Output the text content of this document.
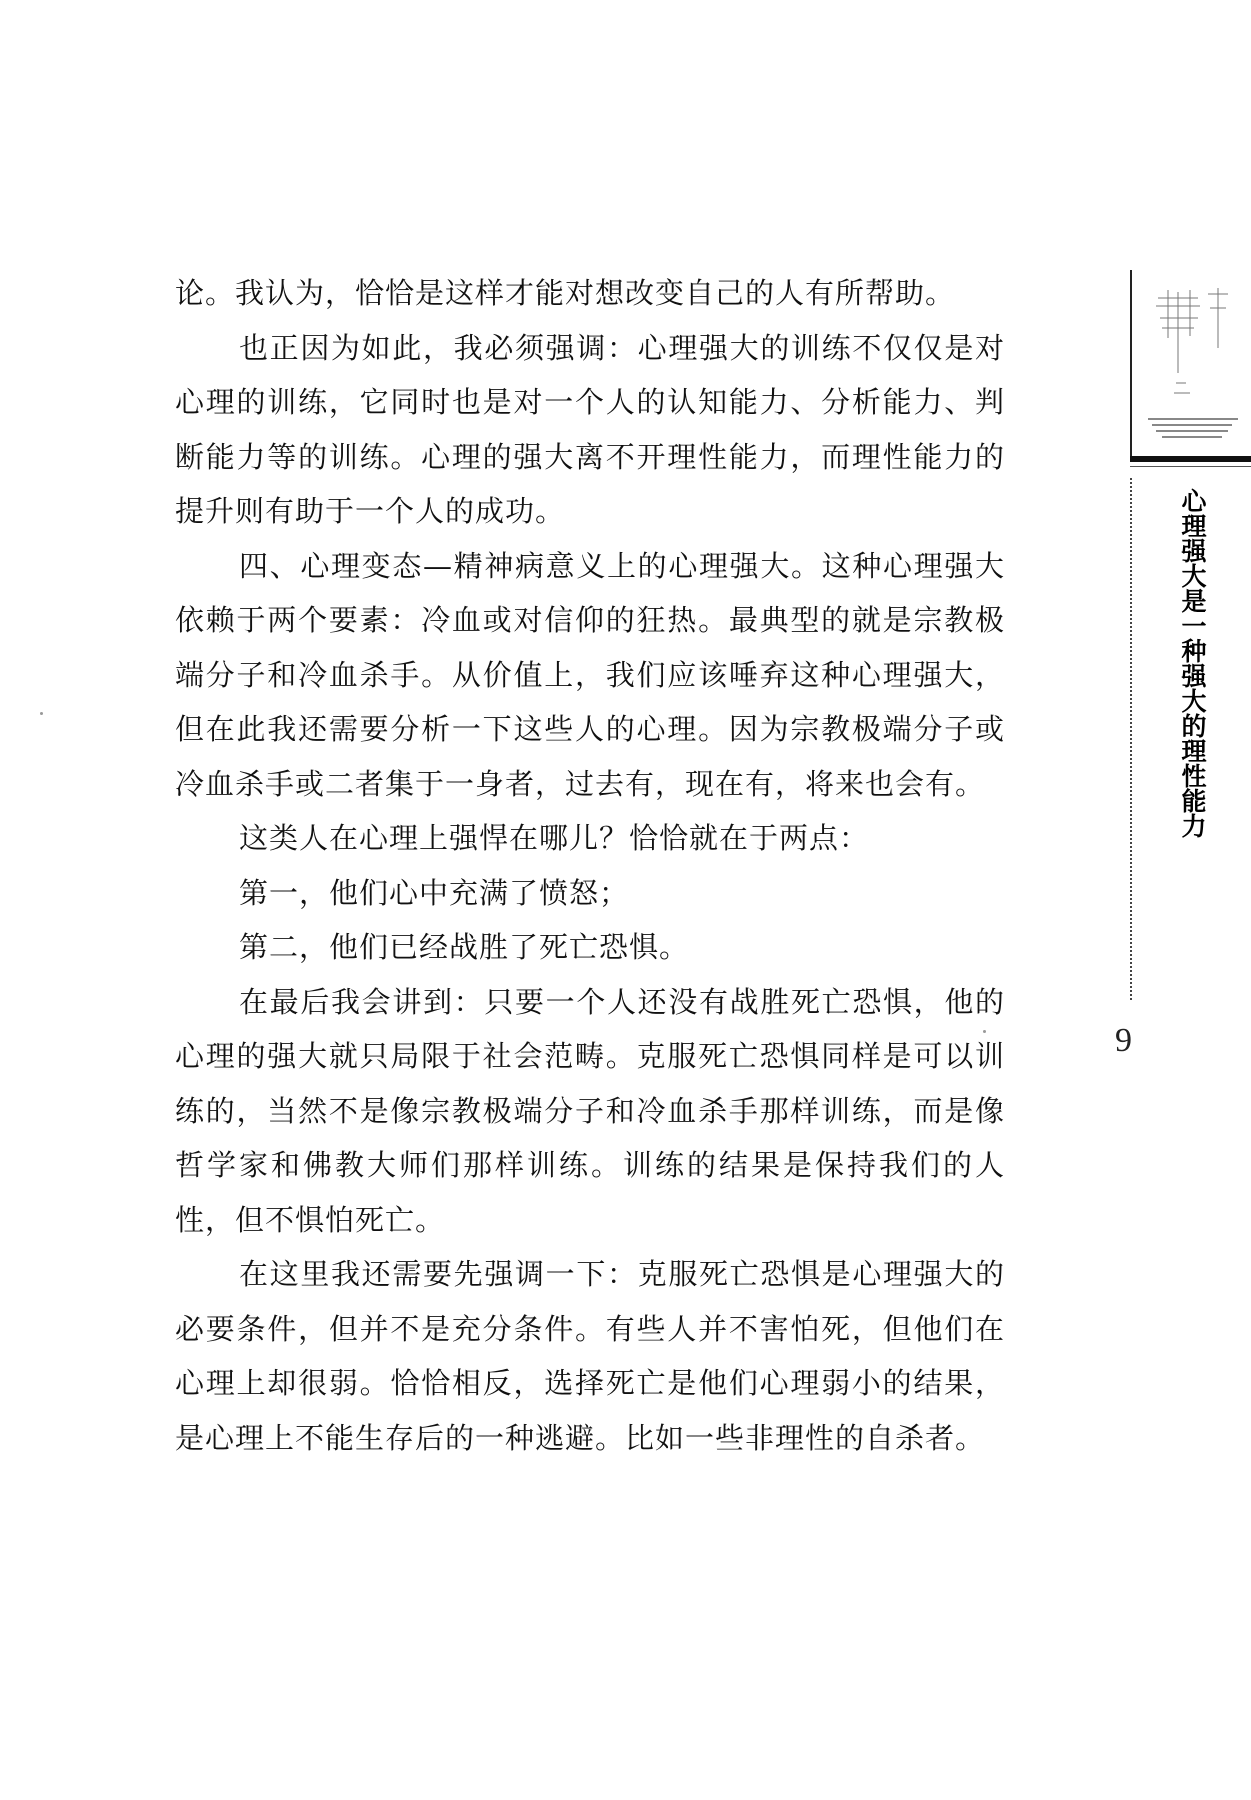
论。我认为，恰恰是这样才能对想改变自己的人有所帮助。

也正因为如此，我必须强调：心理强大的训练不仅仅是对心理的训练，它同时也是对一个人的认知能力、分析能力、判断能力等的训练。心理的强大离不开理性能力，而理性能力的提升则有助于一个人的成功。

四、心理变态—精神病意义上的心理强大。这种心理强大依赖于两个要素：冷血或对信仰的狂热。最典型的就是宗教极端分子和冷血杀手。从价值上，我们应该唾弃这种心理强大，但在此我还需要分析一下这些人的心理。因为宗教极端分子或冷血杀手或二者集于一身者，过去有，现在有，将来也会有。

这类人在心理上强悍在哪儿？恰恰就在于两点：

第一，他们心中充满了愤怒；

第二，他们已经战胜了死亡恐惧。

在最后我会讲到：只要一个人还没有战胜死亡恐惧，他的心理的强大就只局限于社会范畴。克服死亡恐惧同样是可以训练的，当然不是像宗教极端分子和冷血杀手那样训练，而是像哲学家和佛教大师们那样训练。训练的结果是保持我们的人性，但不惧怕死亡。

在这里我还需要先强调一下：克服死亡恐惧是心理强大的必要条件，但并不是充分条件。有些人并不害怕死，但他们在心理上却很弱。恰恰相反，选择死亡是他们心理弱小的结果，是心理上不能生存后的一种逃避。比如一些非理性的自杀者。

心理强大是一种强大的理性能力
9
